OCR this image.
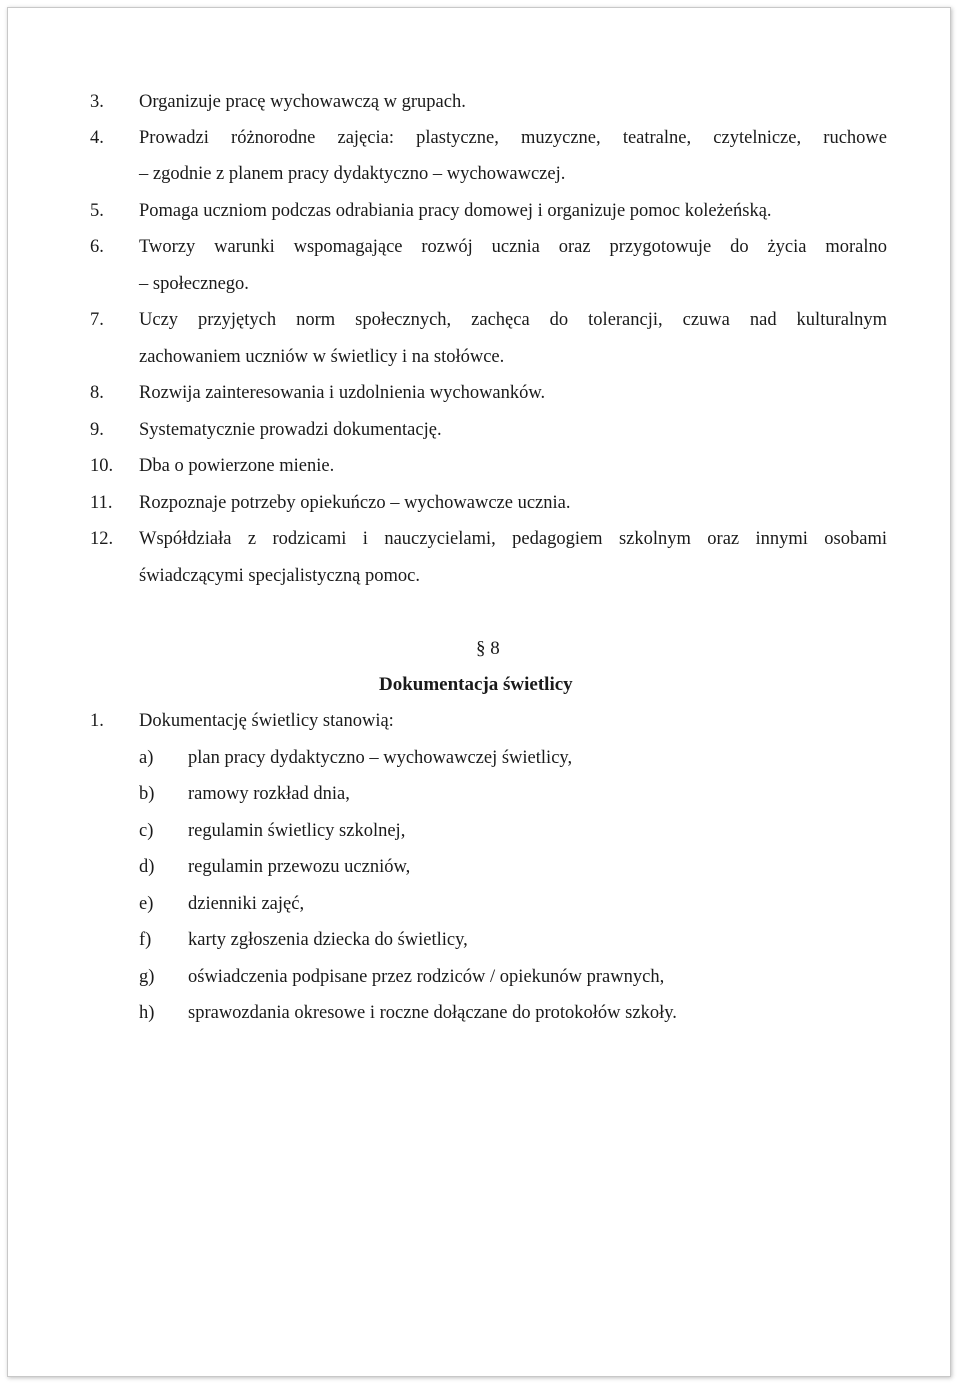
3. Organizuje pracę wychowawczą w grupach.
4. Prowadzi różnorodne zajęcia: plastyczne, muzyczne, teatralne, czytelnicze, ruchowe
– zgodnie z planem pracy dydaktyczno – wychowawczej.
5. Pomaga uczniom podczas odrabiania pracy domowej i organizuje pomoc koleżeńską.
6. Tworzy warunki wspomagające rozwój ucznia oraz przygotowuje do życia moralno
– społecznego.
7. Uczy przyjętych norm społecznych, zachęca do tolerancji, czuwa nad kulturalnym
zachowaniem uczniów w świetlicy i na stołówce.
8. Rozwija zainteresowania i uzdolnienia wychowanków.
9. Systematycznie prowadzi dokumentację.
10. Dba o powierzone mienie.
11. Rozpoznaje potrzeby opiekuńczo – wychowawcze ucznia.
12. Współdziała z rodzicami i nauczycielami, pedagogiem szkolnym oraz innymi osobami
świadczącymi specjalistyczną pomoc.
§ 8
Dokumentacja świetlicy
1. Dokumentację świetlicy stanowią:
a) plan pracy dydaktyczno – wychowawczej świetlicy,
b) ramowy rozkład dnia,
c) regulamin świetlicy szkolnej,
d) regulamin przewozu uczniów,
e) dzienniki zajęć,
f) karty zgłoszenia dziecka do świetlicy,
g) oświadczenia podpisane przez rodziców / opiekunów prawnych,
h) sprawozdania okresowe i roczne dołączane do protokołów szkoły.
